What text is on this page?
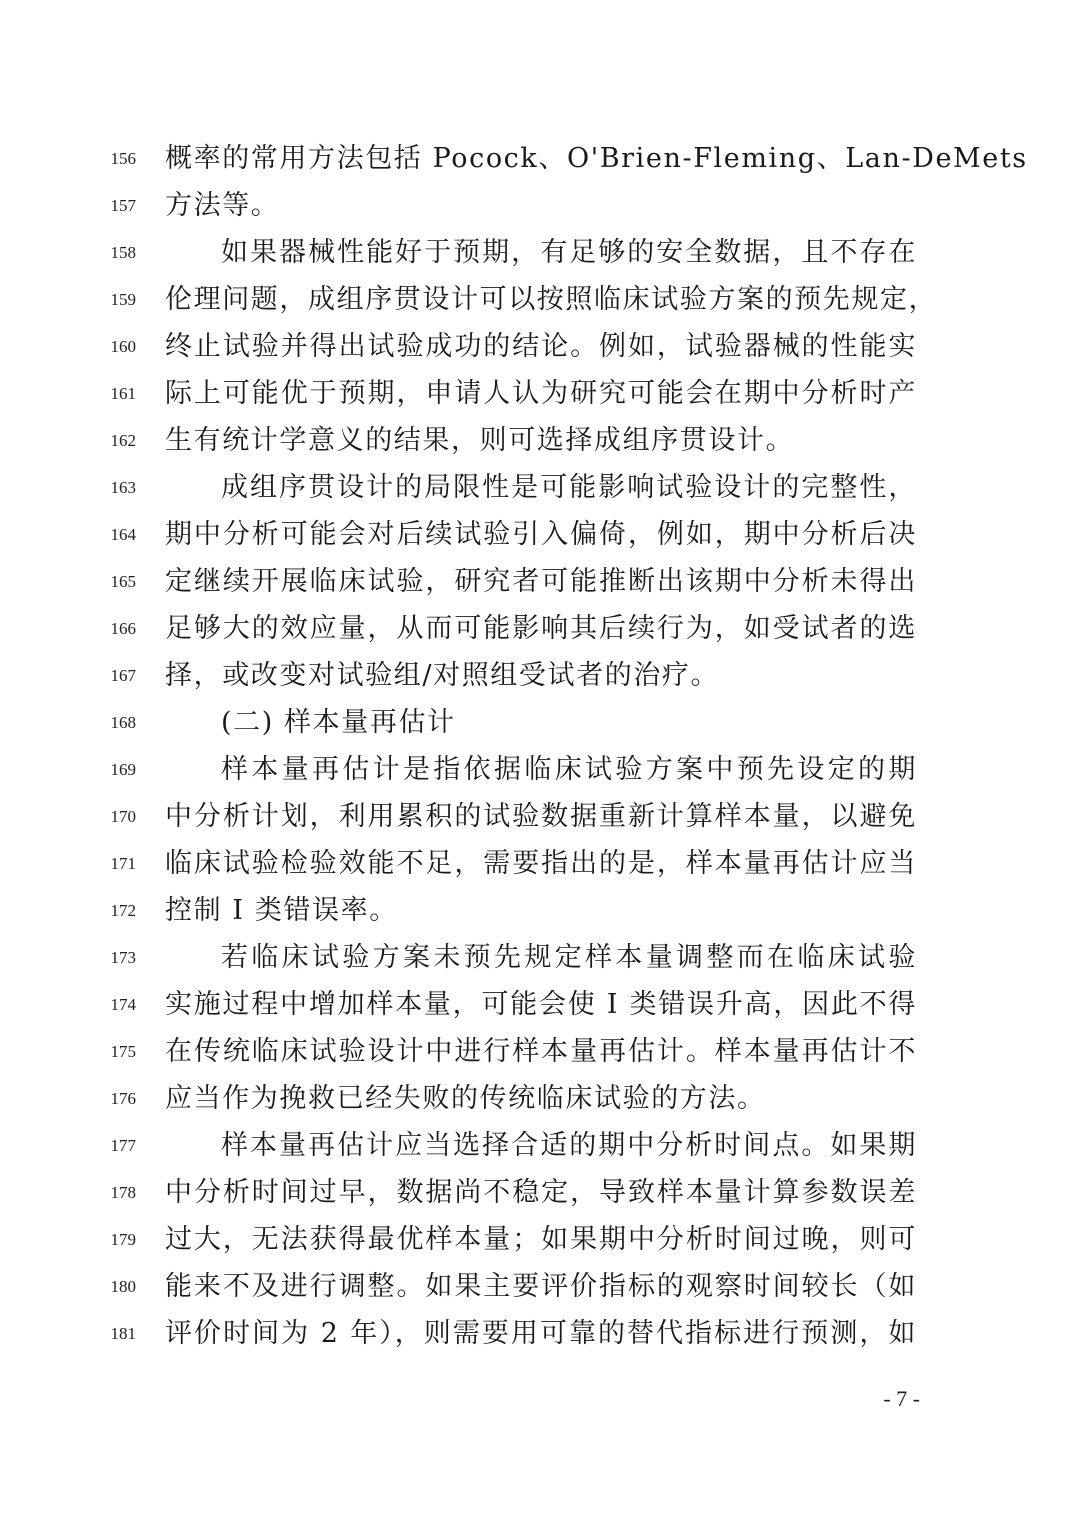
156 概率的常用方法包括 Pocock、O'Brien-Fleming、Lan-DeMets
157 方法等。
158	如果器械性能好于预期，有足够的安全数据，且不存在
159 伦理问题，成组序贯设计可以按照临床试验方案的预先规定，
160 终止试验并得出试验成功的结论。例如，试验器械的性能实
161 际上可能优于预期，申请人认为研究可能会在期中分析时产
162 生有统计学意义的结果，则可选择成组序贯设计。
163	成组序贯设计的局限性是可能影响试验设计的完整性，
164 期中分析可能会对后续试验引入偏倚，例如，期中分析后决
165 定继续开展临床试验，研究者可能推断出该期中分析未得出
166 足够大的效应量，从而可能影响其后续行为，如受试者的选
167 择，或改变对试验组/对照组受试者的治疗。
168	(二) 样本量再估计
169	样本量再估计是指依据临床试验方案中预先设定的期
170 中分析计划，利用累积的试验数据重新计算样本量，以避免
171 临床试验检验效能不足，需要指出的是，样本量再估计应当
172 控制 I 类错误率。
173	若临床试验方案未预先规定样本量调整而在临床试验
174 实施过程中增加样本量，可能会使 I 类错误升高，因此不得
175 在传统临床试验设计中进行样本量再估计。样本量再估计不
176 应当作为挽救已经失败的传统临床试验的方法。
177	样本量再估计应当选择合适的期中分析时间点。如果期
178 中分析时间过早，数据尚不稳定，导致样本量计算参数误差
179 过大，无法获得最优样本量；如果期中分析时间过晚，则可
180 能来不及进行调整。如果主要评价指标的观察时间较长（如
181 评价时间为 2 年），则需要用可靠的替代指标进行预测，如
- 7 -
